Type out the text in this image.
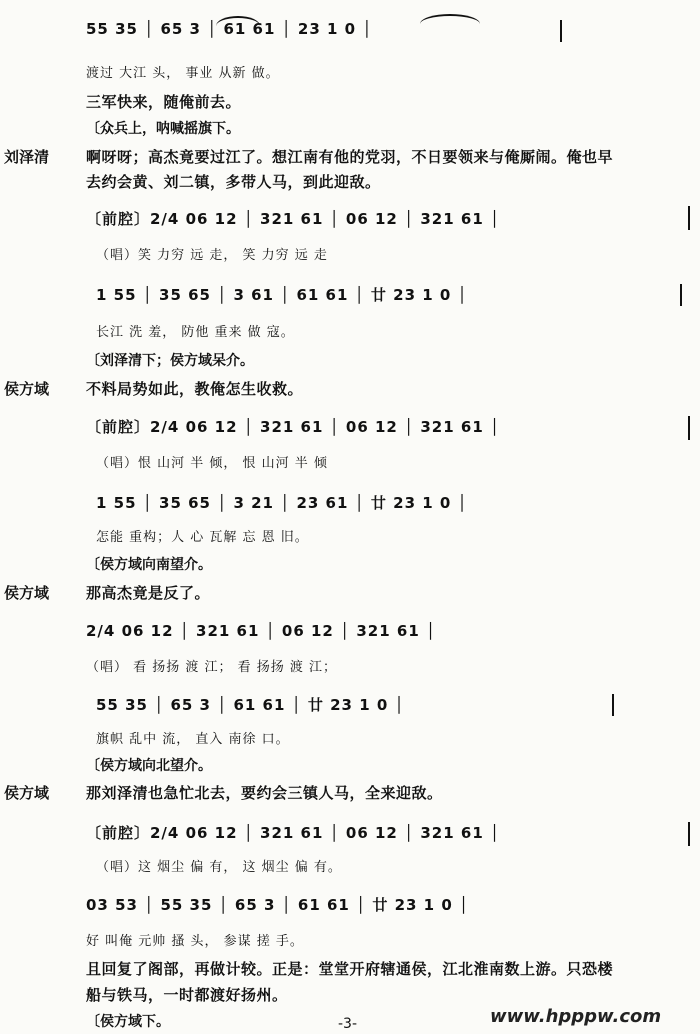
55 35 │ 65 3 │ 61 61 │ 23 1 0 │
渡过 大江 头， 事业 从新 做。
三军快来，随俺前去。
〔众兵上，呐喊摇旗下。
刘泽清 啊呀呀；高杰竟要过江了。想江南有他的党羽，不日要领来与俺厮闹。俺也早
去约会黄、刘二镇，多带人马，到此迎敌。
〔前腔〕2/4 06 12 │ 321 61 │ 06 12 │ 321 61 │
（唱）笑 力穷 远 走， 笑 力穷 远 走
1 55 │ 35 65 │ 3 61 │ 61 61 │ 廿 23 1 0 │
长江 洗 羞， 防他 重来 做 寇。
〔刘泽清下；侯方域呆介。
侯方域 不料局势如此，教俺怎生收救。
〔前腔〕2/4 06 12 │ 321 61 │ 06 12 │ 321 61 │
（唱）恨 山河 半 倾， 恨 山河 半 倾
1 55 │ 35 65 │ 3 21 │ 23 61 │ 廿 23 1 0 │
怎能 重构；人 心 瓦解 忘 恩 旧。
〔侯方域向南望介。
侯方域 那高杰竟是反了。
2/4 06 12 │ 321 61 │ 06 12 │ 321 61 │
（唱） 看 扬扬 渡 江； 看 扬扬 渡 江；
55 35 │ 65 3 │ 61 61 │ 廿 23 1 0 │
旗帜 乱中 流， 直入 南徐 口。
〔侯方域向北望介。
侯方域 那刘泽清也急忙北去，要约会三镇人马，全来迎敌。
〔前腔〕2/4 06 12 │ 321 61 │ 06 12 │ 321 61 │
（唱）这 烟尘 偏 有， 这 烟尘 偏 有。
03 53 │ 55 35 │ 65 3 │ 61 61 │ 廿 23 1 0 │
好 叫俺 元帅 搔 头， 参谋 搓 手。
且回复了阁部，再做计较。正是：堂堂开府辖通侯，江北淮南数上游。只恐楼
船与铁马，一时都渡好扬州。
〔侯方域下。	-3-	www.hpppw.com
